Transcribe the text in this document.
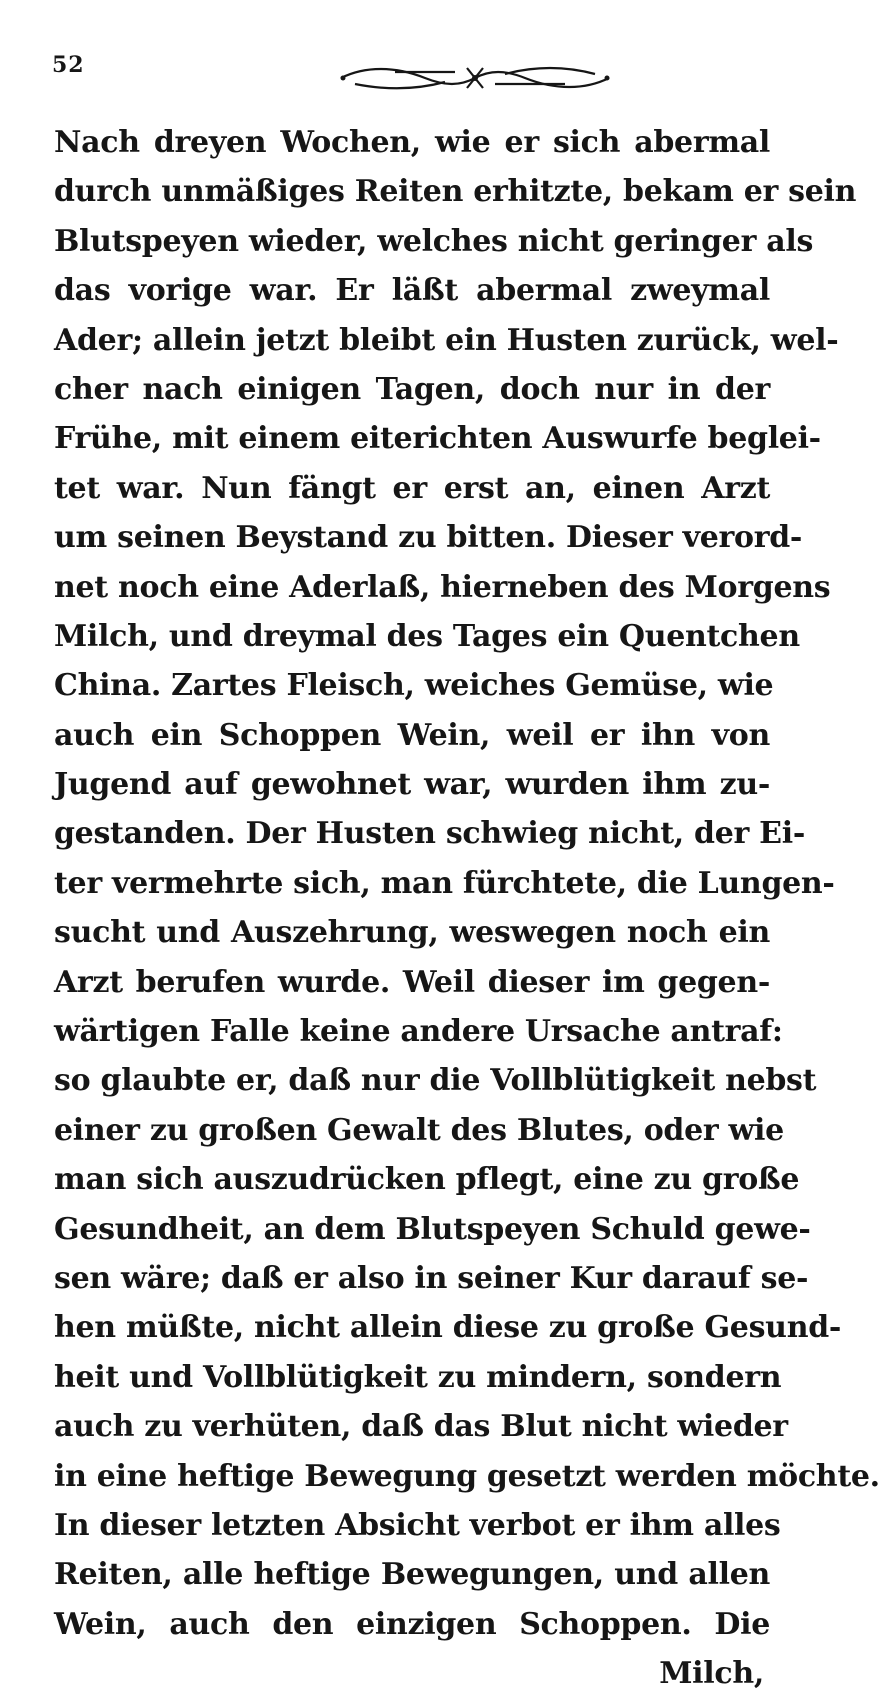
52
Nach dreyen Wochen, wie er sich abermal
durch unmäßiges Reiten erhitzte, bekam er sein
Blutspeyen wieder, welches nicht geringer als
das vorige war. Er läßt abermal zweymal
Ader; allein jetzt bleibt ein Husten zurück, wel-
cher nach einigen Tagen, doch nur in der
Frühe, mit einem eiterichten Auswurfe beglei-
tet war. Nun fängt er erst an, einen Arzt
um seinen Beystand zu bitten. Dieser verord-
net noch eine Aderlaß, hierneben des Morgens
Milch, und dreymal des Tages ein Quentchen
China. Zartes Fleisch, weiches Gemüse, wie
auch ein Schoppen Wein, weil er ihn von
Jugend auf gewohnet war, wurden ihm zu-
gestanden. Der Husten schwieg nicht, der Ei-
ter vermehrte sich, man fürchtete, die Lungen-
sucht und Auszehrung, weswegen noch ein
Arzt berufen wurde. Weil dieser im gegen-
wärtigen Falle keine andere Ursache antraf:
so glaubte er, daß nur die Vollblütigkeit nebst
einer zu großen Gewalt des Blutes, oder wie
man sich auszudrücken pflegt, eine zu große
Gesundheit, an dem Blutspeyen Schuld gewe-
sen wäre; daß er also in seiner Kur darauf se-
hen müßte, nicht allein diese zu große Gesund-
heit und Vollblütigkeit zu mindern, sondern
auch zu verhüten, daß das Blut nicht wieder
in eine heftige Bewegung gesetzt werden möchte.
In dieser letzten Absicht verbot er ihm alles
Reiten, alle heftige Bewegungen, und allen
Wein, auch den einzigen Schoppen. Die
Milch,
